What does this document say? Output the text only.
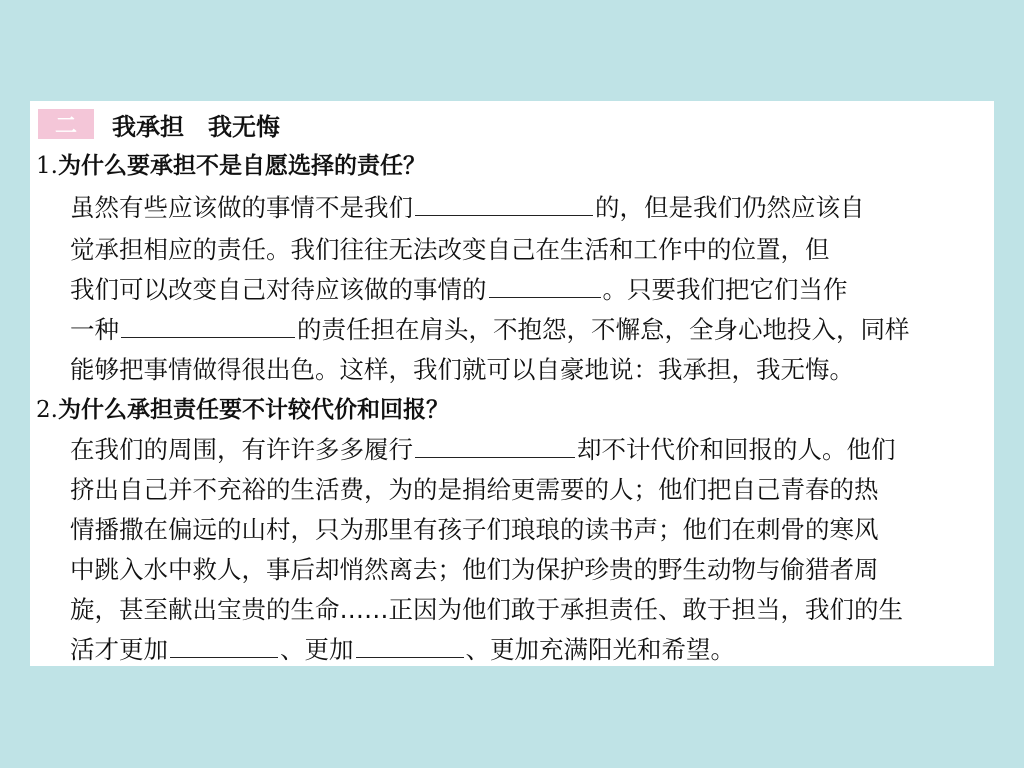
二	我承担　我无悔
1.为什么要承担不是自愿选择的责任？
虽然有些应该做的事情不是我们	的，但是我们仍然应该自
觉承担相应的责任。我们往往无法改变自己在生活和工作中的位置，但
我们可以改变自己对待应该做的事情的	。只要我们把它们当作
一种	的责任担在肩头，不抱怨，不懈怠，全身心地投入，同样
能够把事情做得很出色。这样，我们就可以自豪地说：我承担，我无悔。
2.为什么承担责任要不计较代价和回报？
在我们的周围，有许许多多履行	却不计代价和回报的人。他们
挤出自己并不充裕的生活费，为的是捐给更需要的人；他们把自己青春的热
情播撒在偏远的山村，只为那里有孩子们琅琅的读书声；他们在刺骨的寒风
中跳入水中救人，事后却悄然离去；他们为保护珍贵的野生动物与偷猎者周
旋，甚至献出宝贵的生命……正因为他们敢于承担责任、敢于担当，我们的生
活才更加	、更加	、更加充满阳光和希望。
